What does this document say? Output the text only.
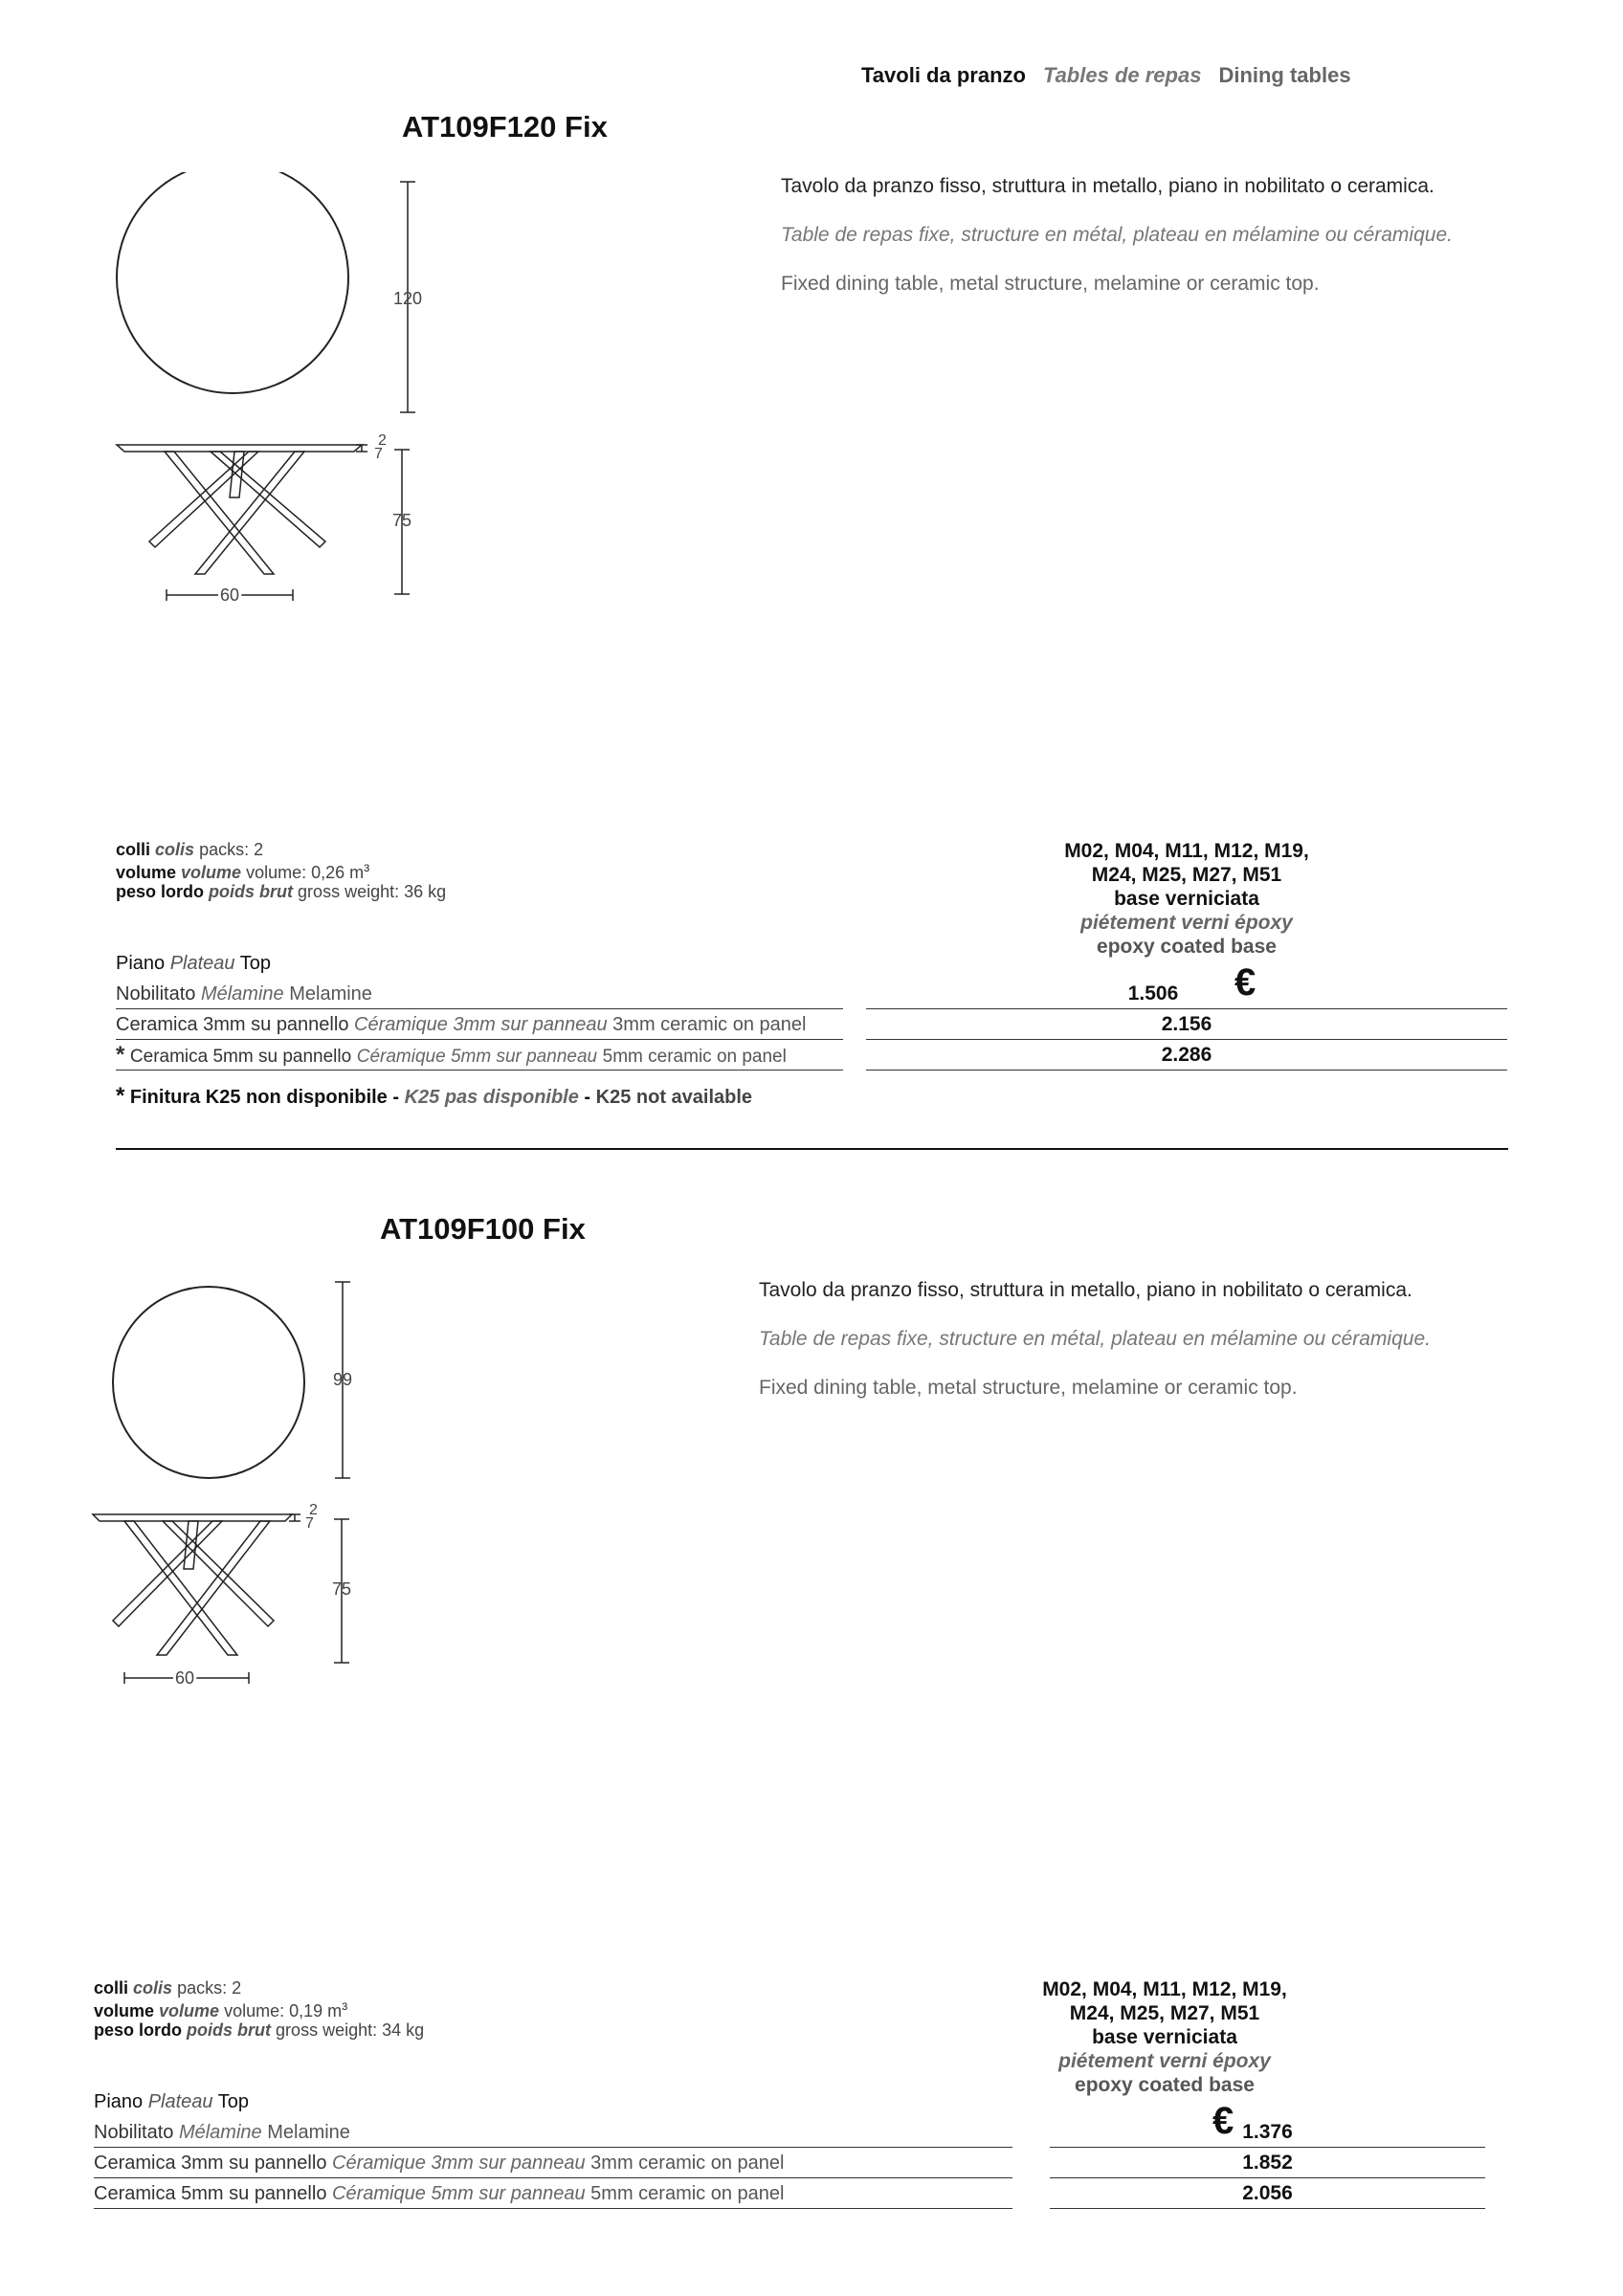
Tavoli da pranzo Tables de repas Dining tables
AT109F120 Fix
120
2
7
75
60

Tavolo da pranzo fisso, struttura in metallo, piano in nobilitato o ceramica.

Table de repas fixe, structure en métal, plateau en mélamine ou céramique.

Fixed dining table, metal structure, melamine or ceramic top.

colli colis packs: 2
volume volume volume: 0,26 $m^3$
peso lordo poids brut gross weight: 36 kg
Piano Plateau Top
Nobilitato Mélamine Melamine
Ceramica 3mm su pannello Céramique 3mm sur panneau 3mm ceramic on panel
* Ceramica 5mm su pannello Céramique 5mm sur panneau 5mm ceramic on panel
M02, M04, M11, M12, M19,
M24, M25, M27, M51
base verniciata
piétement verni époxy
epoxy coated base
€
1.506
2.156
2.286
* Finitura K25 non disponibile - K25 pas disponible - K25 not available
AT109F100 Fix
99
2
7
75
60

Tavolo da pranzo fisso, struttura in metallo, piano in nobilitato o ceramica.

Table de repas fixe, structure en métal, plateau en mélamine ou céramique.

Fixed dining table, metal structure, melamine or ceramic top.

colli colis packs: 2
volume volume volume: 0,19 $m^3$
peso lordo poids brut gross weight: 34 kg
Piano Plateau Top
Nobilitato Mélamine Melamine
Ceramica 3mm su pannello Céramique 3mm sur panneau 3mm ceramic on panel
Ceramica 5mm su pannello Céramique 5mm sur panneau 5mm ceramic on panel
M02, M04, M11, M12, M19,
M24, M25, M27, M51
base verniciata
piétement verni époxy
epoxy coated base
€ 1.376
1.852
2.056
